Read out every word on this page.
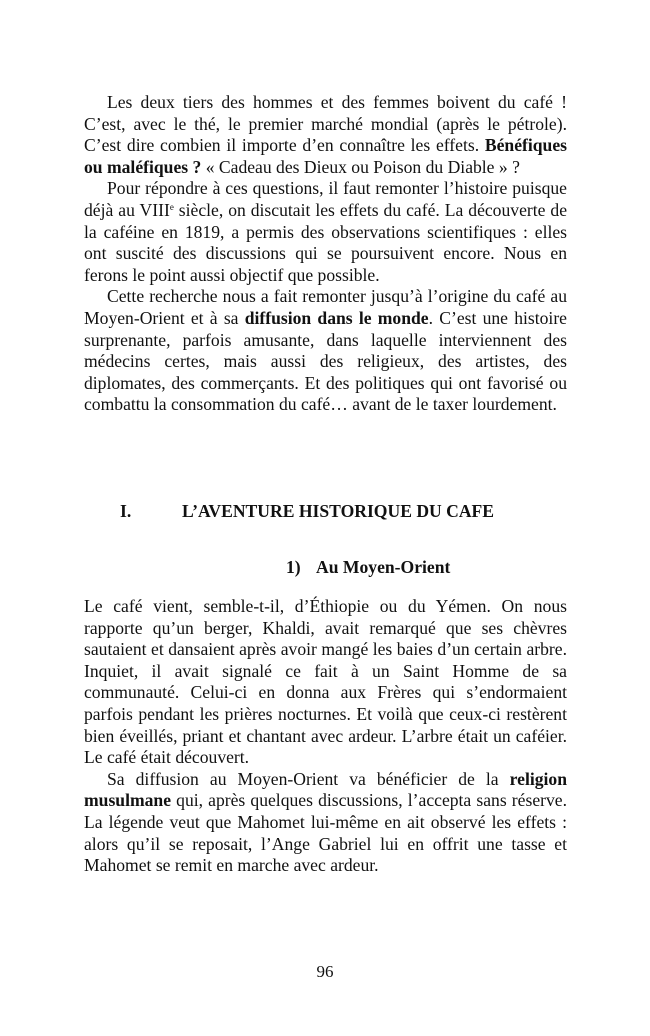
Les deux tiers des hommes et des femmes boivent du café ! C’est, avec le thé, le premier marché mondial (après le pétrole). C’est dire combien il importe d’en connaître les effets. Bénéfiques ou maléfiques ? « Cadeau des Dieux ou Poison du Diable » ?

Pour répondre à ces questions, il faut remonter l’histoire puisque déjà au VIIIe siècle, on discutait les effets du café. La découverte de la caféine en 1819, a permis des observations scientifiques : elles ont suscité des discussions qui se poursuivent encore. Nous en ferons le point aussi objectif que possible.

Cette recherche nous a fait remonter jusqu’à l’origine du café au Moyen-Orient et à sa diffusion dans le monde. C’est une histoire surprenante, parfois amusante, dans laquelle interviennent des médecins certes, mais aussi des religieux, des artistes, des diplomates, des commerçants. Et des politiques qui ont favorisé ou combattu la consommation du café… avant de le taxer lourdement.

I.	L’AVENTURE HISTORIQUE DU CAFE
1) Au Moyen-Orient

Le café vient, semble-t-il, d’Éthiopie ou du Yémen. On nous rapporte qu’un berger, Khaldi, avait remarqué que ses chèvres sautaient et dansaient après avoir mangé les baies d’un certain arbre. Inquiet, il avait signalé ce fait à un Saint Homme de sa communauté. Celui-ci en donna aux Frères qui s’endormaient parfois pendant les prières nocturnes. Et voilà que ceux-ci restèrent bien éveillés, priant et chantant avec ardeur. L’arbre était un caféier. Le café était découvert.

Sa diffusion au Moyen-Orient va bénéficier de la religion musulmane qui, après quelques discussions, l’accepta sans réserve. La légende veut que Mahomet lui-même en ait observé les effets : alors qu’il se reposait, l’Ange Gabriel lui en offrit une tasse et Mahomet se remit en marche avec ardeur.

96
